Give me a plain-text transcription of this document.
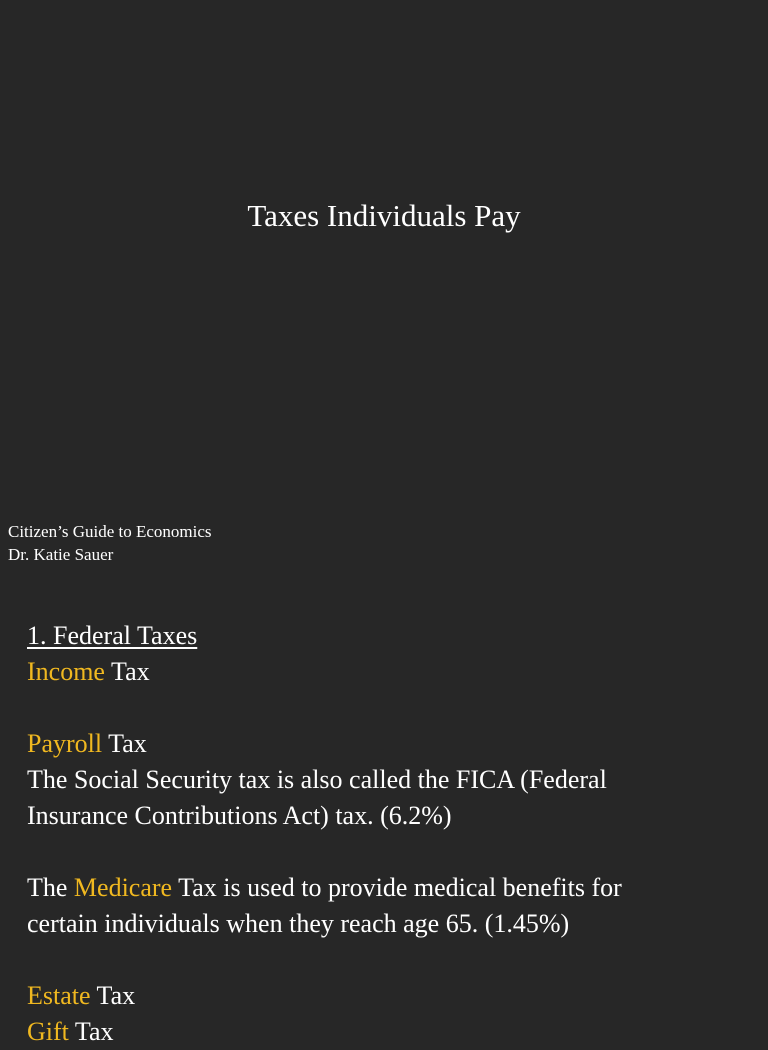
Taxes Individuals Pay
Citizen’s Guide to Economics
Dr. Katie Sauer
1. Federal Taxes
Income Tax
Payroll Tax
The Social Security tax is also called the FICA (Federal
Insurance Contributions Act) tax. (6.2%)
The Medicare Tax is used to provide medical benefits for
certain individuals when they reach age 65. (1.45%)
Estate Tax
Gift Tax
